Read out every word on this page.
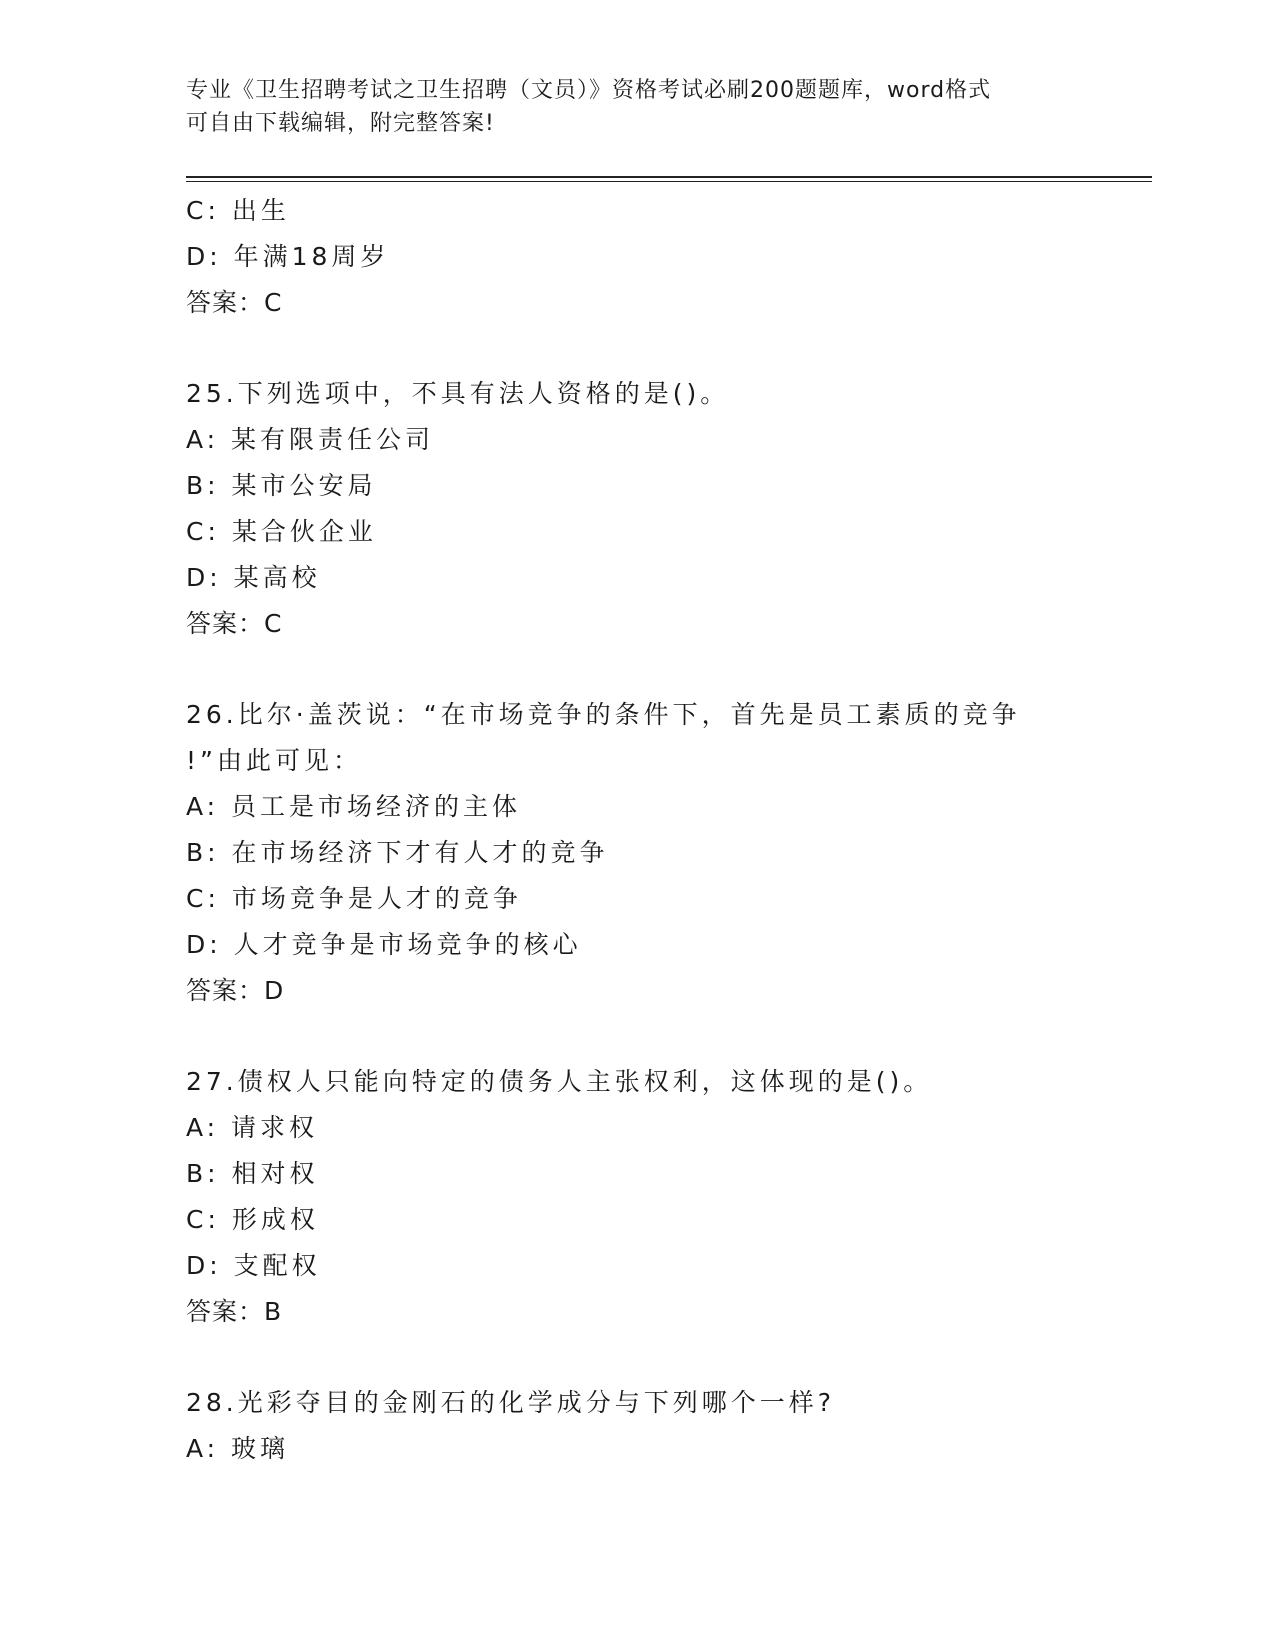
专业《卫生招聘考试之卫生招聘（文员）》资格考试必刷200题题库，word格式
可自由下载编辑，附完整答案!
C: 出生
D: 年满18周岁
答案：C
25.下列选项中，不具有法人资格的是()。
A: 某有限责任公司
B: 某市公安局
C: 某合伙企业
D: 某高校
答案：C
26.比尔·盖茨说：“在市场竞争的条件下，首先是员工素质的竞争
!”由此可见：
A: 员工是市场经济的主体
B: 在市场经济下才有人才的竞争
C: 市场竞争是人才的竞争
D: 人才竞争是市场竞争的核心
答案：D
27.债权人只能向特定的债务人主张权利，这体现的是()。
A: 请求权
B: 相对权
C: 形成权
D: 支配权
答案：B
28.光彩夺目的金刚石的化学成分与下列哪个一样?
A: 玻璃
